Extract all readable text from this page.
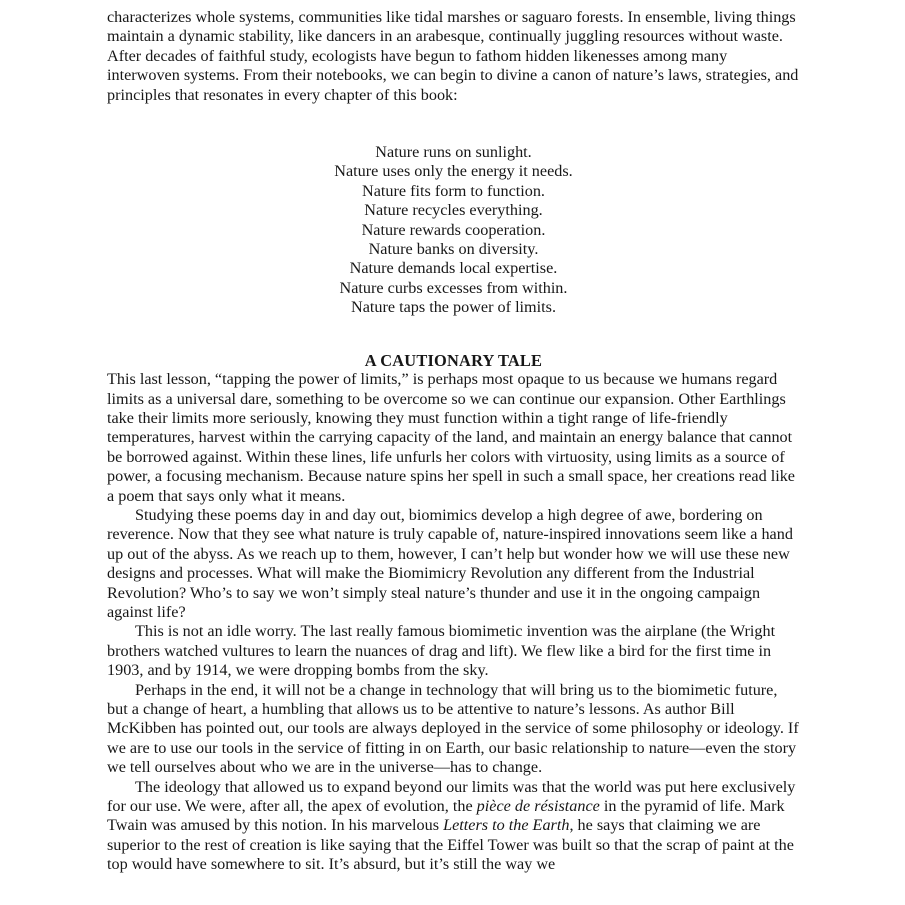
characterizes whole systems, communities like tidal marshes or saguaro forests. In ensemble, living things maintain a dynamic stability, like dancers in an arabesque, continually juggling resources without waste. After decades of faithful study, ecologists have begun to fathom hidden likenesses among many interwoven systems. From their notebooks, we can begin to divine a canon of nature’s laws, strategies, and principles that resonates in every chapter of this book:

Nature runs on sunlight.
Nature uses only the energy it needs.
Nature fits form to function.
Nature recycles everything.
Nature rewards cooperation.
Nature banks on diversity.
Nature demands local expertise.
Nature curbs excesses from within.
Nature taps the power of limits.
A CAUTIONARY TALE

This last lesson, “tapping the power of limits,” is perhaps most opaque to us because we humans regard limits as a universal dare, something to be overcome so we can continue our expansion. Other Earthlings take their limits more seriously, knowing they must function within a tight range of life-friendly temperatures, harvest within the carrying capacity of the land, and maintain an energy balance that cannot be borrowed against. Within these lines, life unfurls her colors with virtuosity, using limits as a source of power, a focusing mechanism. Because nature spins her spell in such a small space, her creations read like a poem that says only what it means.

Studying these poems day in and day out, biomimics develop a high degree of awe, bordering on reverence. Now that they see what nature is truly capable of, nature-inspired innovations seem like a hand up out of the abyss. As we reach up to them, however, I can’t help but wonder how we will use these new designs and processes. What will make the Biomimicry Revolution any different from the Industrial Revolution? Who’s to say we won’t simply steal nature’s thunder and use it in the ongoing campaign against life?

This is not an idle worry. The last really famous biomimetic invention was the airplane (the Wright brothers watched vultures to learn the nuances of drag and lift). We flew like a bird for the first time in 1903, and by 1914, we were dropping bombs from the sky.

Perhaps in the end, it will not be a change in technology that will bring us to the biomimetic future, but a change of heart, a humbling that allows us to be attentive to nature’s lessons. As author Bill McKibben has pointed out, our tools are always deployed in the service of some philosophy or ideology. If we are to use our tools in the service of fitting in on Earth, our basic relationship to nature—even the story we tell ourselves about who we are in the universe—has to change.

The ideology that allowed us to expand beyond our limits was that the world was put here exclusively for our use. We were, after all, the apex of evolution, the pièce de résistance in the pyramid of life. Mark Twain was amused by this notion. In his marvelous Letters to the Earth, he says that claiming we are superior to the rest of creation is like saying that the Eiffel Tower was built so that the scrap of paint at the top would have somewhere to sit. It’s absurd, but it’s still the way we
